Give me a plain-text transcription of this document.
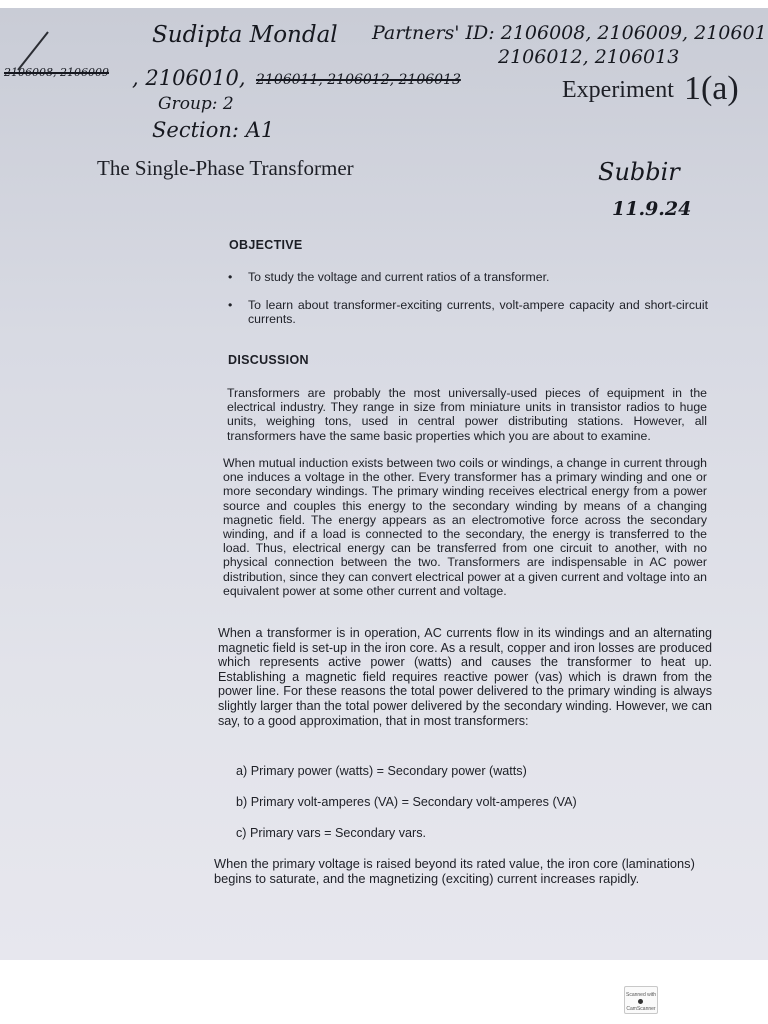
Sudipta Mondal Partners' ID: 2106008, 2106009, 210601
2106012, 2106013
2106008, 2106009 , 2106010, 2106011, 2106012, 2106013	Experiment 1(a)
Group: 2
Section: A1
The Single-Phase Transformer	Subbir
11.9.24
OBJECTIVE
•	To study the voltage and current ratios of a transformer.
•	To learn about transformer-exciting currents, volt-ampere capacity and short-circuit currents.
DISCUSSION

Transformers are probably the most universally-used pieces of equipment in the electrical industry. They range in size from miniature units in transistor radios to huge units, weighing tons, used in central power distributing stations. However, all transformers have the same basic properties which you are about to examine.

When mutual induction exists between two coils or windings, a change in current through one induces a voltage in the other. Every transformer has a primary winding and one or more secondary windings. The primary winding receives electrical energy from a power source and couples this energy to the secondary winding by means of a changing magnetic field. The energy appears as an electromotive force across the secondary winding, and if a load is connected to the secondary, the energy is transferred to the load. Thus, electrical energy can be transferred from one circuit to another, with no physical connection between the two. Transformers are indispensable in AC power distribution, since they can convert electrical power at a given current and voltage into an equivalent power at some other current and voltage.

When a transformer is in operation, AC currents flow in its windings and an alternating magnetic field is set-up in the iron core. As a result, copper and iron losses are produced which represents active power (watts) and causes the transformer to heat up. Establishing a magnetic field requires reactive power (vas) which is drawn from the power line. For these reasons the total power delivered to the primary winding is always slightly larger than the total power delivered by the secondary winding. However, we can say, to a good approximation, that in most transformers:

a) Primary power (watts) = Secondary power (watts)
b) Primary volt-amperes (VA) = Secondary volt-amperes (VA)
c) Primary vars = Secondary vars.

When the primary voltage is raised beyond its rated value, the iron core (laminations) begins to saturate, and the magnetizing (exciting) current increases rapidly.

Scanned with
CamScanner
